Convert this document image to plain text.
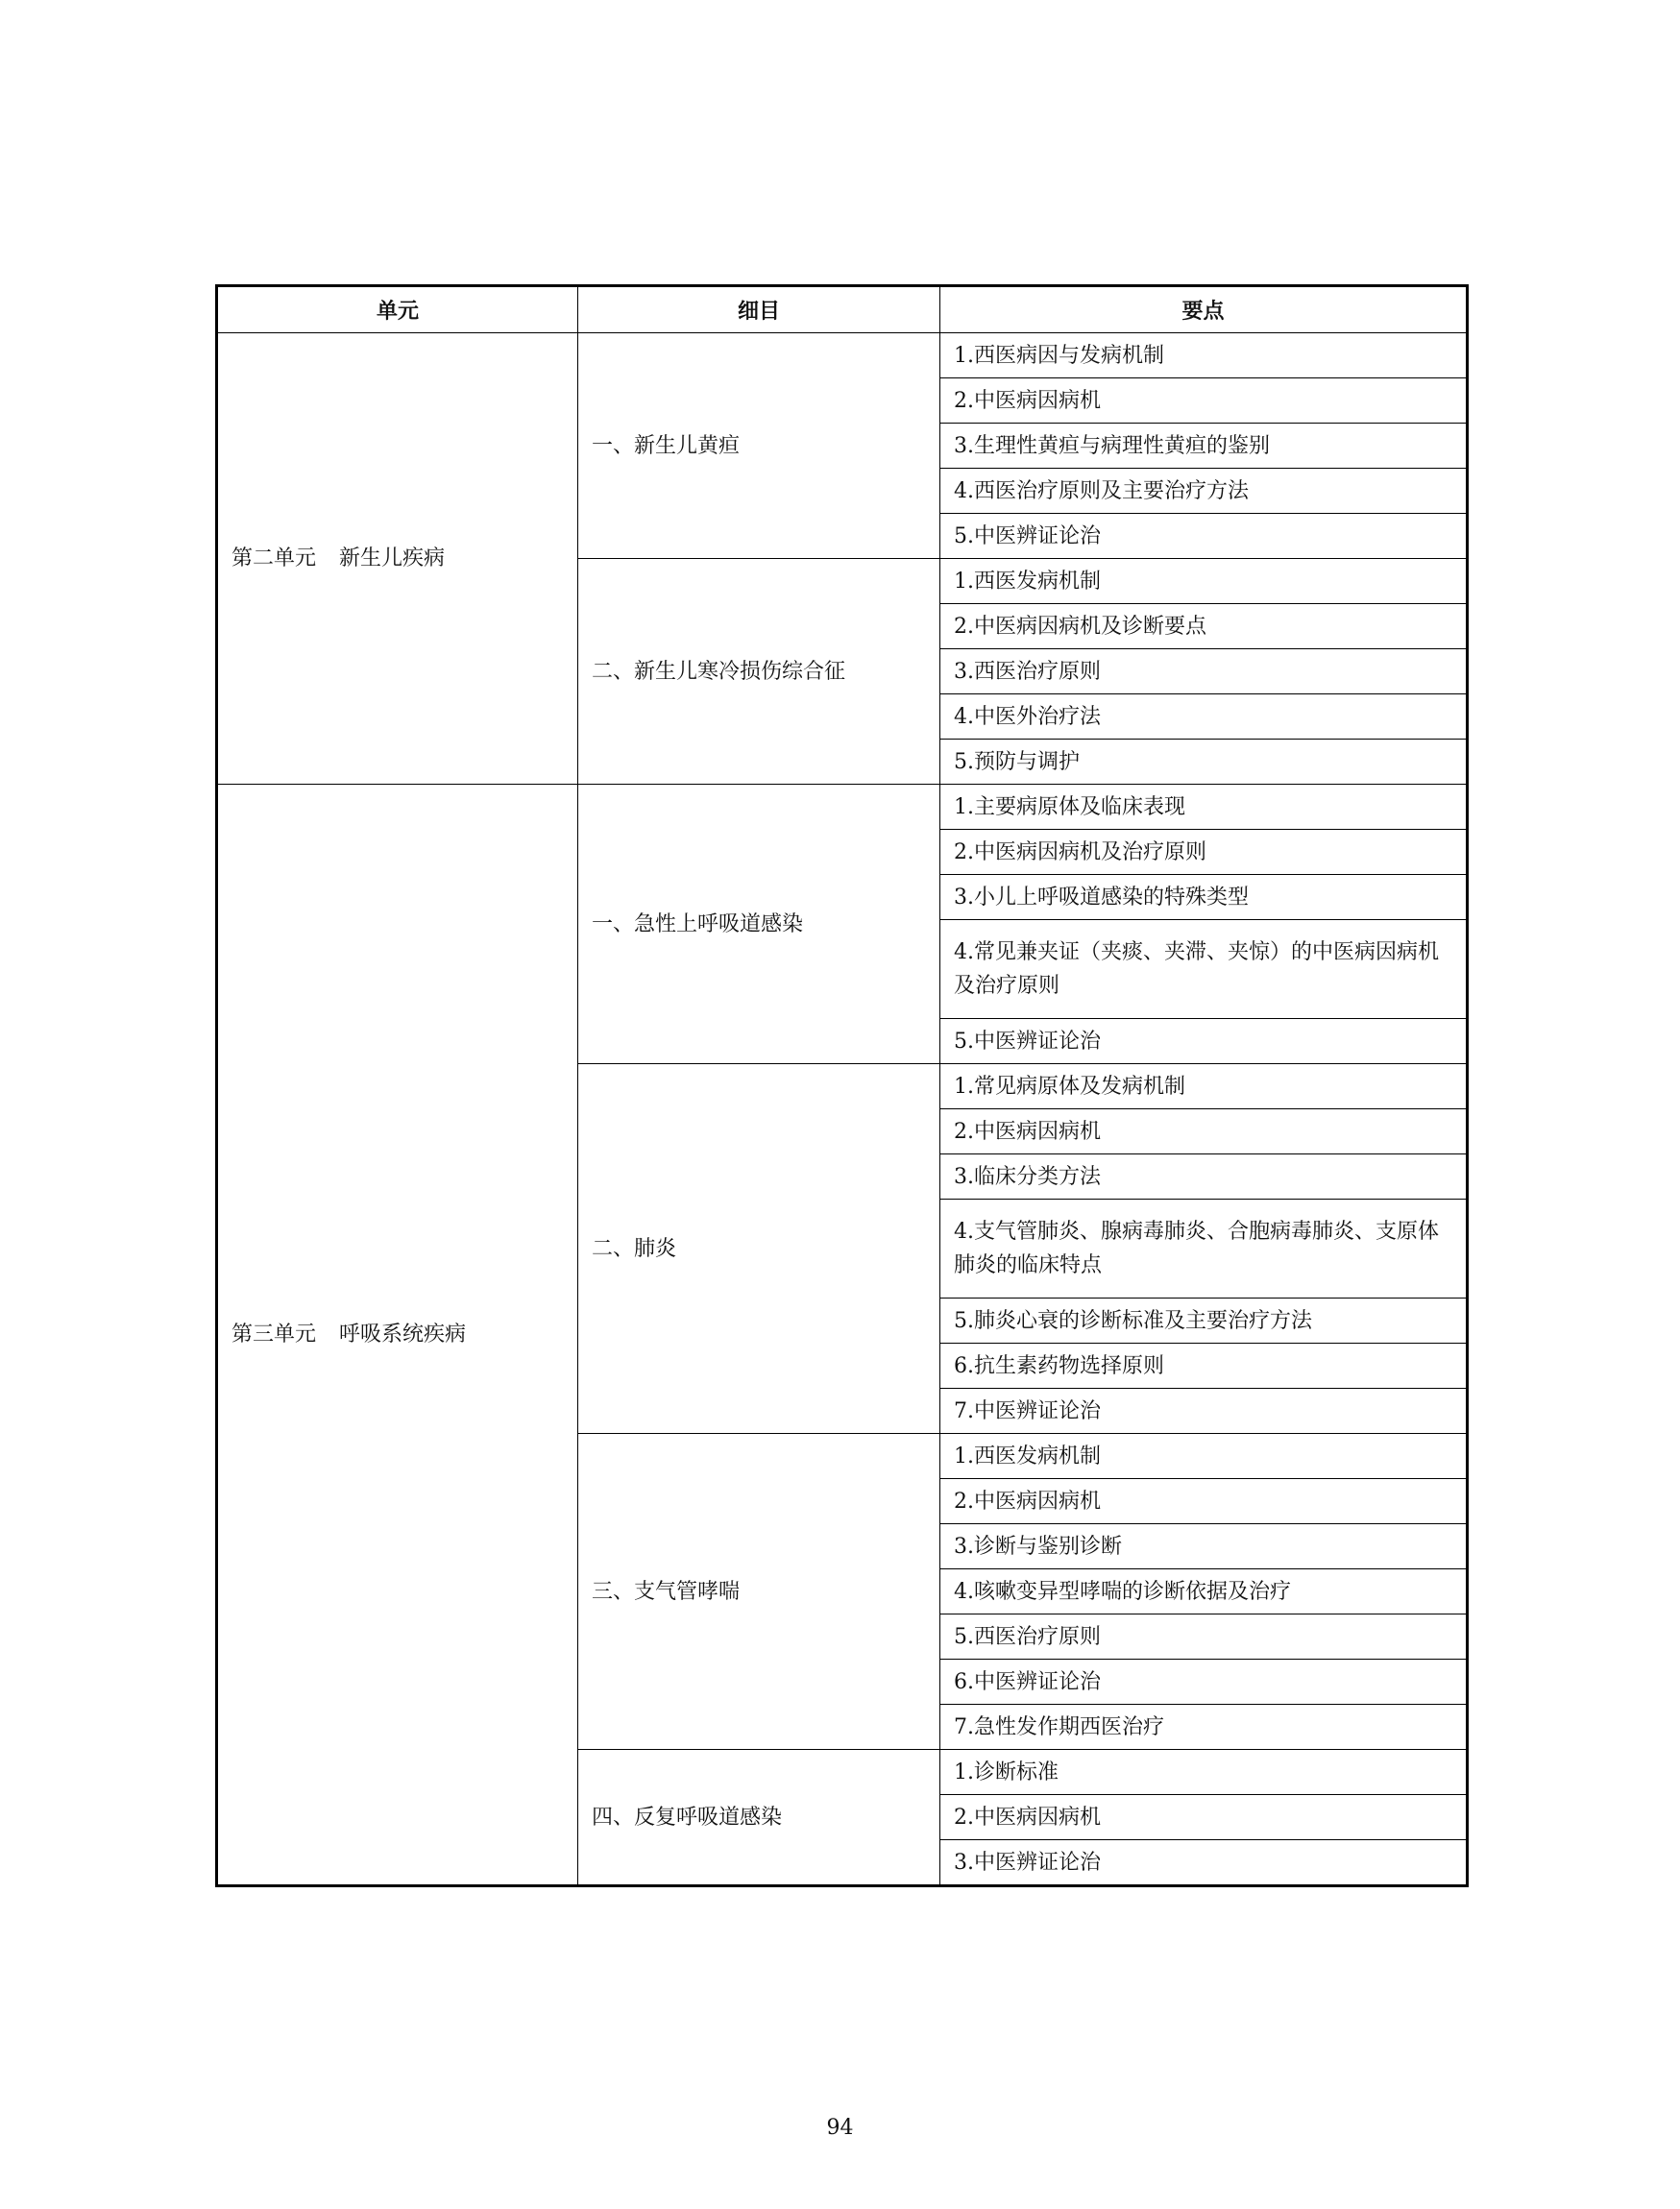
单元	细目	要点
第二单元 新生儿疾病	一、新生儿黄疸	1.西医病因与发病机制
		2.中医病因病机
		3.生理性黄疸与病理性黄疸的鉴别
		4.西医治疗原则及主要治疗方法
		5.中医辨证论治
	二、新生儿寒冷损伤综合征	1.西医发病机制
		2.中医病因病机及诊断要点
		3.西医治疗原则
		4.中医外治疗法
		5.预防与调护
第三单元 呼吸系统疾病	一、急性上呼吸道感染	1.主要病原体及临床表现
		2.中医病因病机及治疗原则
		3.小儿上呼吸道感染的特殊类型
		4.常见兼夹证（夹痰、夹滞、夹惊）的中医病因病机及治疗原则
		5.中医辨证论治
	二、肺炎	1.常见病原体及发病机制
		2.中医病因病机
		3.临床分类方法
		4.支气管肺炎、腺病毒肺炎、合胞病毒肺炎、支原体肺炎的临床特点
		5.肺炎心衰的诊断标准及主要治疗方法
		6.抗生素药物选择原则
		7.中医辨证论治
	三、支气管哮喘	1.西医发病机制
		2.中医病因病机
		3.诊断与鉴别诊断
		4.咳嗽变异型哮喘的诊断依据及治疗
		5.西医治疗原则
		6.中医辨证论治
		7.急性发作期西医治疗
	四、反复呼吸道感染	1.诊断标准
		2.中医病因病机
		3.中医辨证论治
94
